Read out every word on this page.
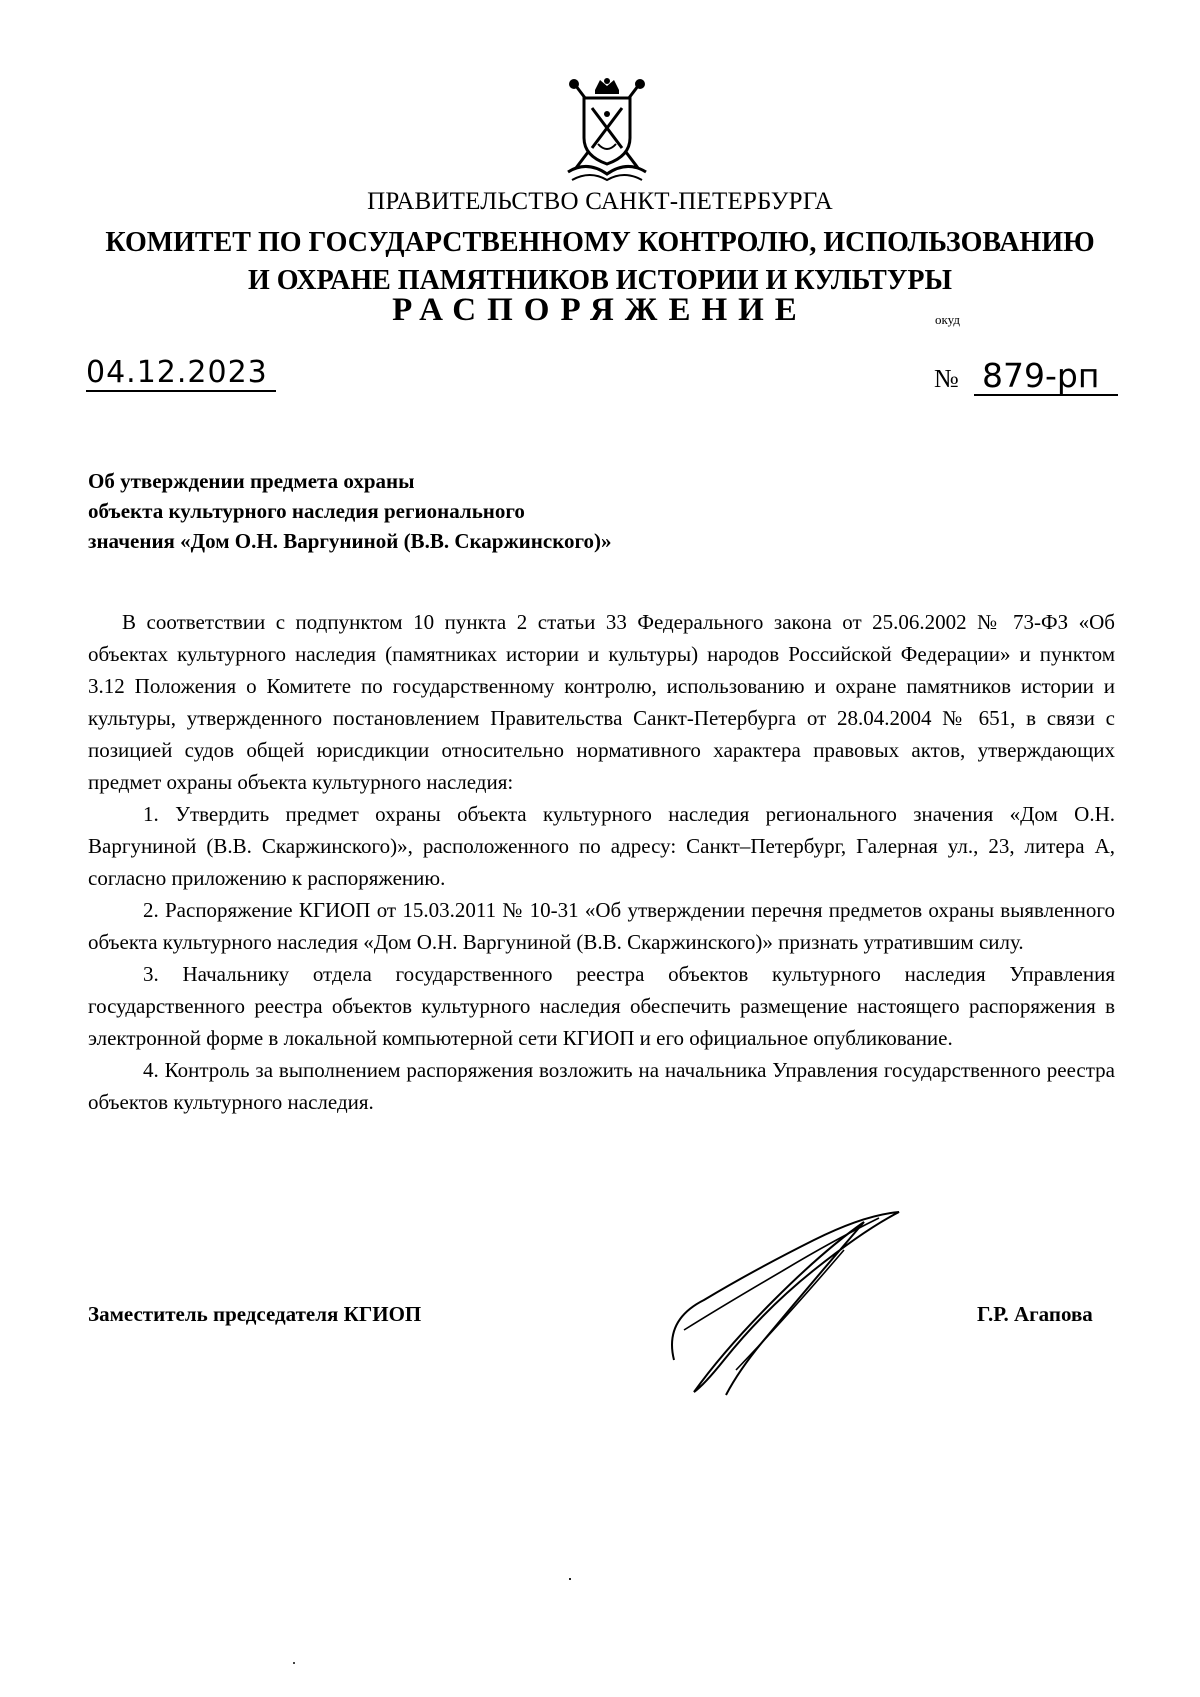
ПРАВИТЕЛЬСТВО САНКТ-ПЕТЕРБУРГА
КОМИТЕТ ПО ГОСУДАРСТВЕННОМУ КОНТРОЛЮ, ИСПОЛЬЗОВАНИЮ
И ОХРАНЕ ПАМЯТНИКОВ ИСТОРИИ И КУЛЬТУРЫ
РАСПОРЯЖЕНИЕ	окуд
04.12.2023	№ 879-рп
Об утверждении предмета охраны
объекта культурного наследия регионального
значения «Дом О.Н. Варгуниной (В.В. Скаржинского)»

В соответствии с подпунктом 10 пункта 2 статьи 33 Федерального закона от 25.06.2002 № 73-ФЗ «Об объектах культурного наследия (памятниках истории и культуры) народов Российской Федерации» и пунктом 3.12 Положения о Комитете по государственному контролю, использованию и охране памятников истории и культуры, утвержденного постановлением Правительства Санкт-Петербурга от 28.04.2004 № 651, в связи с позицией судов общей юрисдикции относительно нормативного характера правовых актов, утверждающих предмет охраны объекта культурного наследия:

1. Утвердить предмет охраны объекта культурного наследия регионального значения «Дом О.Н. Варгуниной (В.В. Скаржинского)», расположенного по адресу: Санкт–Петербург, Галерная ул., 23, литера А, согласно приложению к распоряжению.

2. Распоряжение КГИОП от 15.03.2011 № 10-31 «Об утверждении перечня предметов охраны выявленного объекта культурного наследия «Дом О.Н. Варгуниной (В.В. Скаржинского)» признать утратившим силу.

3. Начальнику отдела государственного реестра объектов культурного наследия Управления государственного реестра объектов культурного наследия обеспечить размещение настоящего распоряжения в электронной форме в локальной компьютерной сети КГИОП и его официальное опубликование.

4. Контроль за выполнением распоряжения возложить на начальника Управления государственного реестра объектов культурного наследия.

Заместитель председателя КГИОП	Г.Р. Агапова
